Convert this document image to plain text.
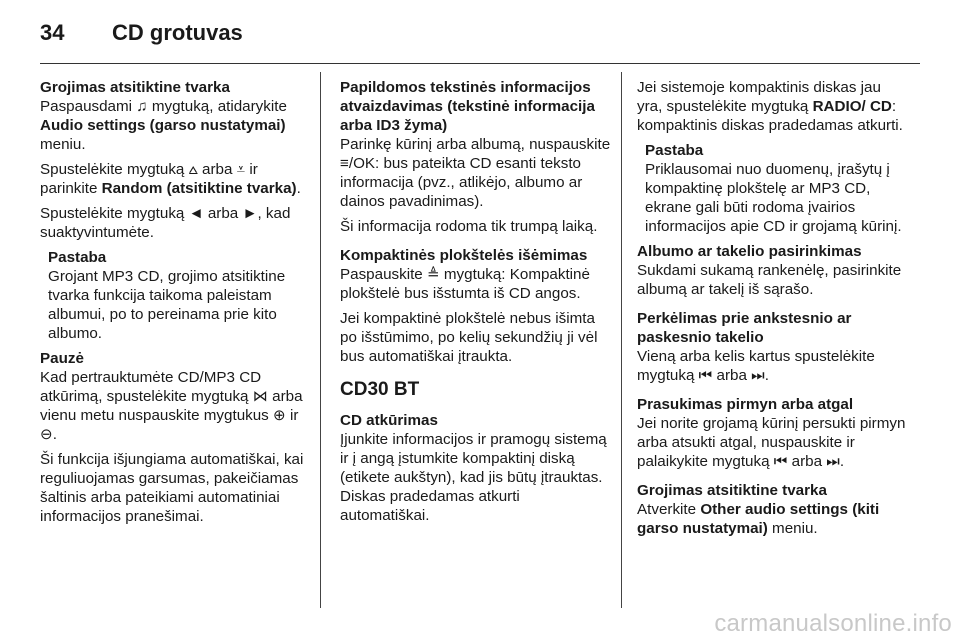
34	CD grotuvas

Grojimas atsitiktine tvarka

Paspausdami ♫ mygtuką, atidarykite Audio settings (garso nustatymai) meniu.

Spustelėkite mygtuką ⩟ arba ⩡ ir parinkite Random (atsitiktine tvarka).

Spustelėkite mygtuką ◄ arba ►, kad suaktyvintumėte.

Pastaba

Grojant MP3 CD, grojimo atsitiktine tvarka funkcija taikoma paleistam albumui, po to pereinama prie kito albumo.

Pauzė

Kad pertrauktumėte CD/MP3 CD atkūrimą, spustelėkite mygtuką ⋈ arba vienu metu nuspauskite mygtukus ⊕ ir ⊖.

Ši funkcija išjungiama automatiškai, kai reguliuojamas garsumas, pakeičiamas šaltinis arba pateikiami automatiniai informacijos pranešimai.

Papildomos tekstinės informacijos atvaizdavimas (tekstinė informacija arba ID3 žyma)

Parinkę kūrinį arba albumą, nuspauskite ≡/OK: bus pateikta CD esanti teksto informacija (pvz., atlikėjo, albumo ar dainos pavadinimas).

Ši informacija rodoma tik trumpą laiką.

Kompaktinės plokštelės išėmimas

Paspauskite ≜ mygtuką: Kompaktinė plokštelė bus išstumta iš CD angos.

Jei kompaktinė plokštelė nebus išimta po išstūmimo, po kelių sekundžių ji vėl bus automatiškai įtraukta.

CD30 BT

CD atkūrimas

Įjunkite informacijos ir pramogų sistemą ir į angą įstumkite kompaktinį diską (etikete aukštyn), kad jis būtų įtrauktas. Diskas pradedamas atkurti automatiškai.

Jei sistemoje kompaktinis diskas jau yra, spustelėkite mygtuką RADIO/ CD: kompaktinis diskas pradedamas atkurti.

Pastaba

Priklausomai nuo duomenų, įrašytų į kompaktinę plokštelę ar MP3 CD, ekrane gali būti rodoma įvairios informacijos apie CD ir grojamą kūrinį.

Albumo ar takelio pasirinkimas

Sukdami sukamą rankenėlę, pasirinkite albumą ar takelį iš sąrašo.

Perkėlimas prie ankstesnio ar paskesnio takelio

Vieną arba kelis kartus spustelėkite mygtuką ⏮ arba ⏭.

Prasukimas pirmyn arba atgal

Jei norite grojamą kūrinį persukti pirmyn arba atsukti atgal, nuspauskite ir palaikykite mygtuką ⏮ arba ⏭.

Grojimas atsitiktine tvarka

Atverkite Other audio settings (kiti garso nustatymai) meniu.

carmanualsonline.info
